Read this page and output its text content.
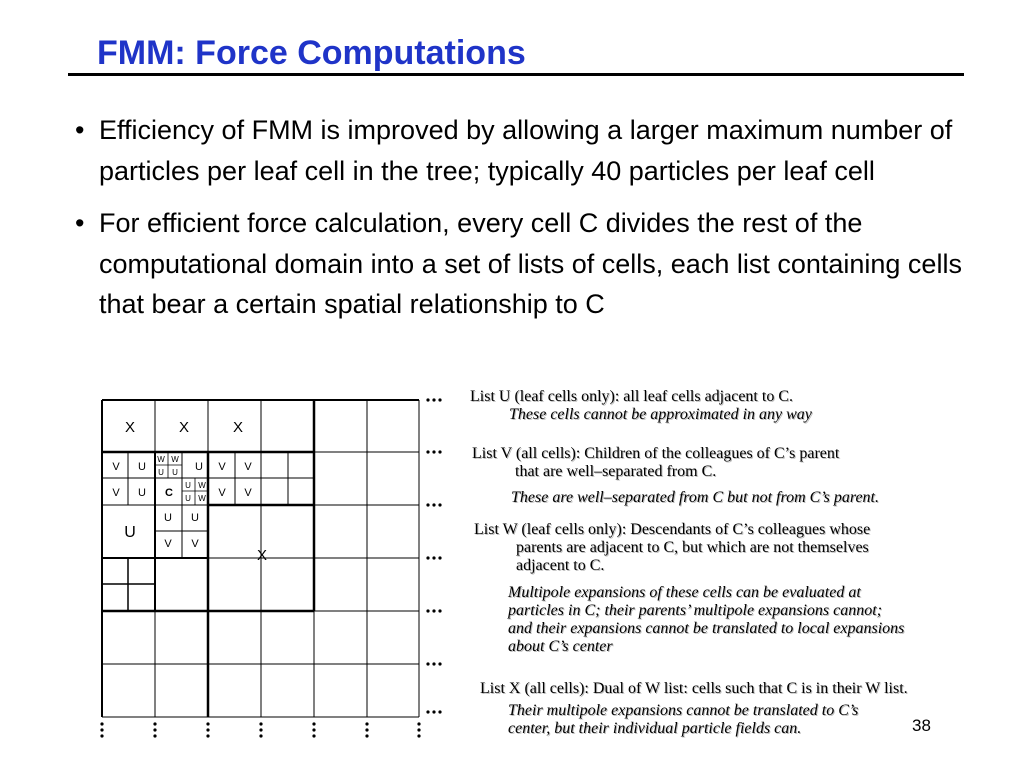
FMM: Force Computations
• Efficiency of FMM is improved by allowing a larger maximum number of particles per leaf cell in the tree; typically 40 particles per leaf cell
• For efficient force calculation, every cell C divides the rest of the computational domain into a set of lists of cells, each list containing cells that bear a certain spatial relationship to C
X	X	X
X
U
V U
V U C
U V V
V V
U U
V V
W W
U U
U W
U W
List U (leaf cells only): all leaf cells adjacent to C.
These cells cannot be approximated in any way
List V (all cells): Children of the colleagues of C’s parent
that are well–separated from C.
These are well–separated from C but not from C’s parent.
List W (leaf cells only): Descendants of C’s colleagues whose
parents are adjacent to C, but which are not themselves
adjacent to C.
Multipole expansions of these cells can be evaluated at
particles in C; their parents’ multipole expansions cannot;
and their expansions cannot be translated to local expansions
about C’s center
List X (all cells): Dual of W list: cells such that C is in their W list.
Their multipole expansions cannot be translated to C’s
center, but their individual particle fields can.	38
